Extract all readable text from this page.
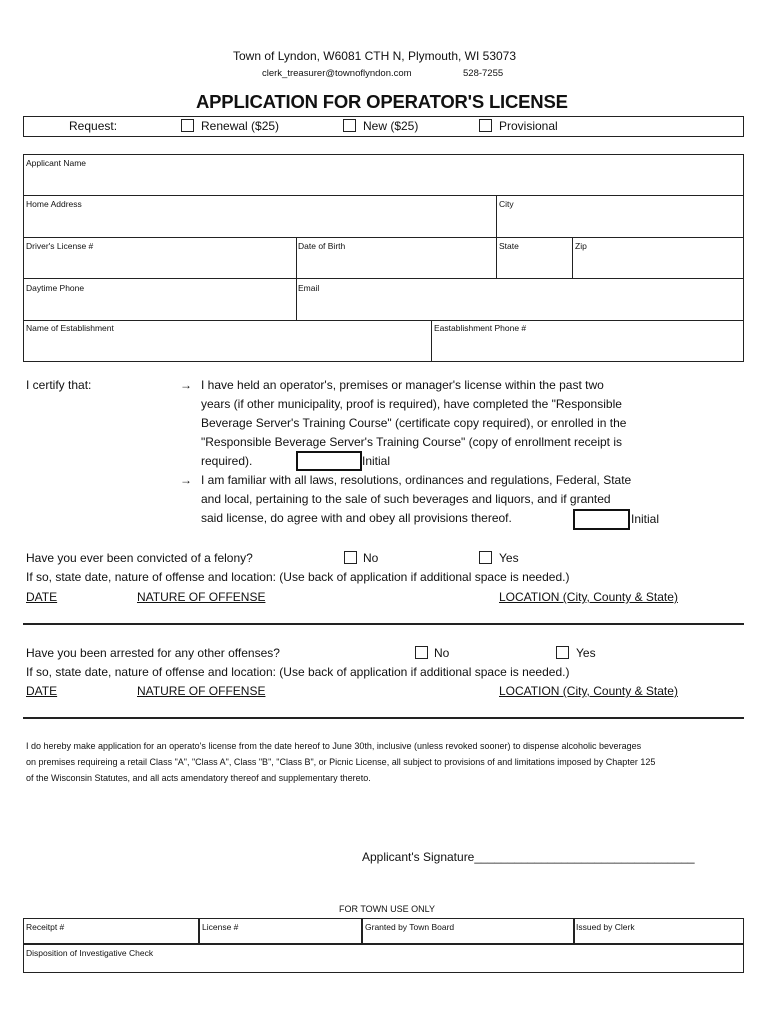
Town of Lyndon, W6081 CTH N, Plymouth, WI 53073
clerk_treasurer@townoflyndon.com	528-7255
APPLICATION FOR OPERATOR'S LICENSE
Request:	Renewal ($25)	New ($25)	Provisional
Applicant Name
Home Address	City
Driver's License #	Date of Birth	State	Zip
Daytime Phone	Email
Name of Establishment	Eastablishment Phone #
I certify that:	→ I have held an operator's, premises or manager's license within the past two
years (if other municipality, proof is required), have completed the "Responsible
Beverage Server's Training Course" (certificate copy required), or enrolled in the
"Responsible Beverage Server's Training Course" (copy of enrollment receipt is
required).	Initial
→ I am familiar with all laws, resolutions, ordinances and regulations, Federal, State
and local, pertaining to the sale of such beverages and liquors, and if granted
said license, do agree with and obey all provisions thereof.	Initial
Have you ever been convicted of a felony?	No	Yes
If so, state date, nature of offense and location: (Use back of application if additional space is needed.)
DATE	NATURE OF OFFENSE	LOCATION (City, County & State)
Have you been arrested for any other offenses?	No	Yes
If so, state date, nature of offense and location: (Use back of application if additional space is needed.)
DATE	NATURE OF OFFENSE	LOCATION (City, County & State)
I do hereby make application for an operato's license from the date hereof to June 30th, inclusive (unless revoked sooner) to dispense alcoholic beverages
on premises requireing a retail Class "A", "Class A", Class "B", "Class B", or Picnic License, all subject to provisions of and limitations imposed by Chapter 125
of the Wisconsin Statutes, and all acts amendatory thereof and supplementary thereto.
Applicant's Signature_________________________________
FOR TOWN USE ONLY
Receitpt #	License #	Granted by Town Board	Issued by Clerk
Disposition of Investigative Check
